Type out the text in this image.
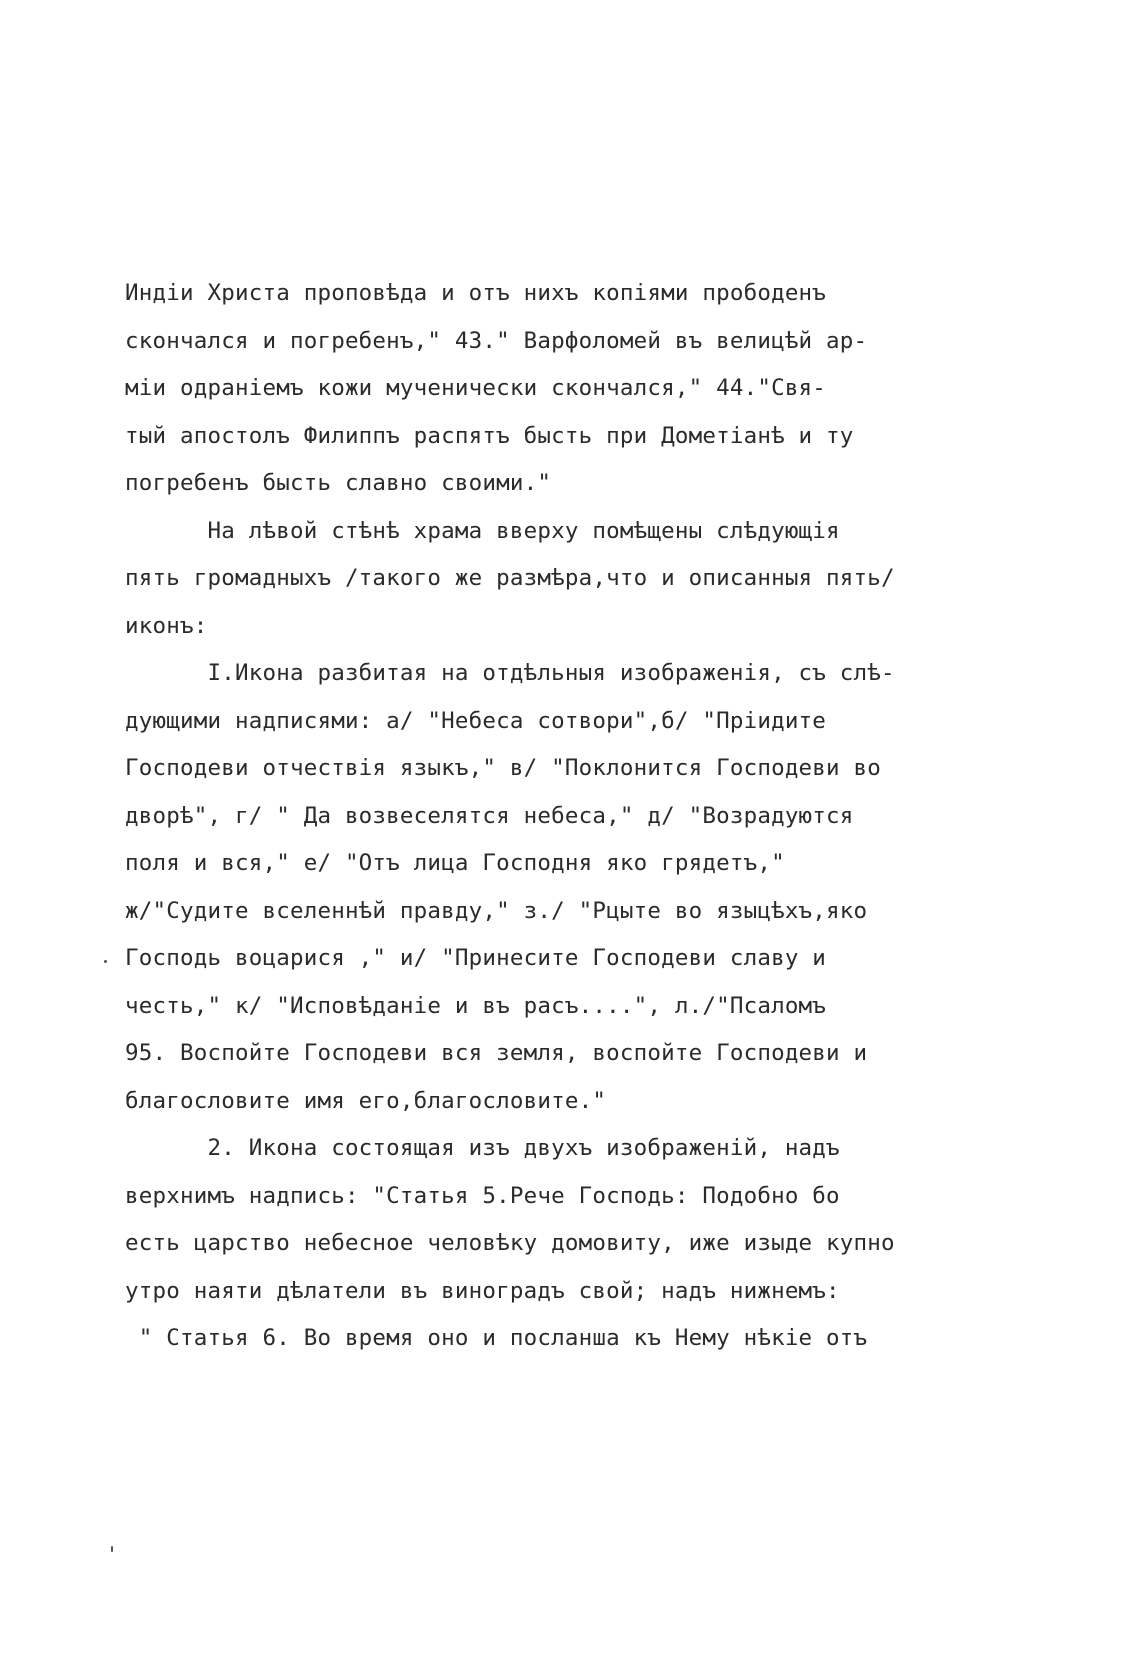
Индiи Христа проповѣда и отъ нихъ копiями прободенъ
скончался и погребенъ," 43." Варфоломей въ велицѣй ар-
мiи одранiемъ кожи мученически скончался," 44."Свя-
тый апостолъ Филиппъ распятъ бысть при Дометiанѣ и ту
погребенъ бысть славно своими."
На лѣвой стѣнѣ храма вверху помѣщены слѣдующiя
пять громадныхъ /такого же размѣра,что и описанныя пять/
иконъ:
I.Икона разбитая на отдѣльныя изображенiя, съ слѣ-
дующими надписями: а/ "Небеса сотвори",б/ "Прiидите
Господеви отчествiя языкъ," в/ "Поклонится Господеви во
дворѣ", г/ " Да возвеселятся небеса," д/ "Возрадуются
поля и вся," е/ "Отъ лица Господня яко грядетъ,"
ж/"Судите вселеннѣй правду," з./ "Рцыте во языцѣхъ,яко
Господь воцарися ," и/ "Принесите Господеви славу и
честь," к/ "Исповѣданiе и въ расъ....", л./"Псаломъ
95. Воспойте Господеви вся земля, воспойте Господеви и
благословите имя его,благословите."
2. Икона состоящая изъ двухъ изображенiй, надъ
верхнимъ надпись: "Статья 5.Рече Господь: Подобно бо
есть царство небесное человѣку домовиту, иже изыде купно
утро наяти дѣлатели въ виноградъ свой; надъ нижнемъ:
" Статья 6. Во время оно и посланша къ Нему нѣкiе отъ
